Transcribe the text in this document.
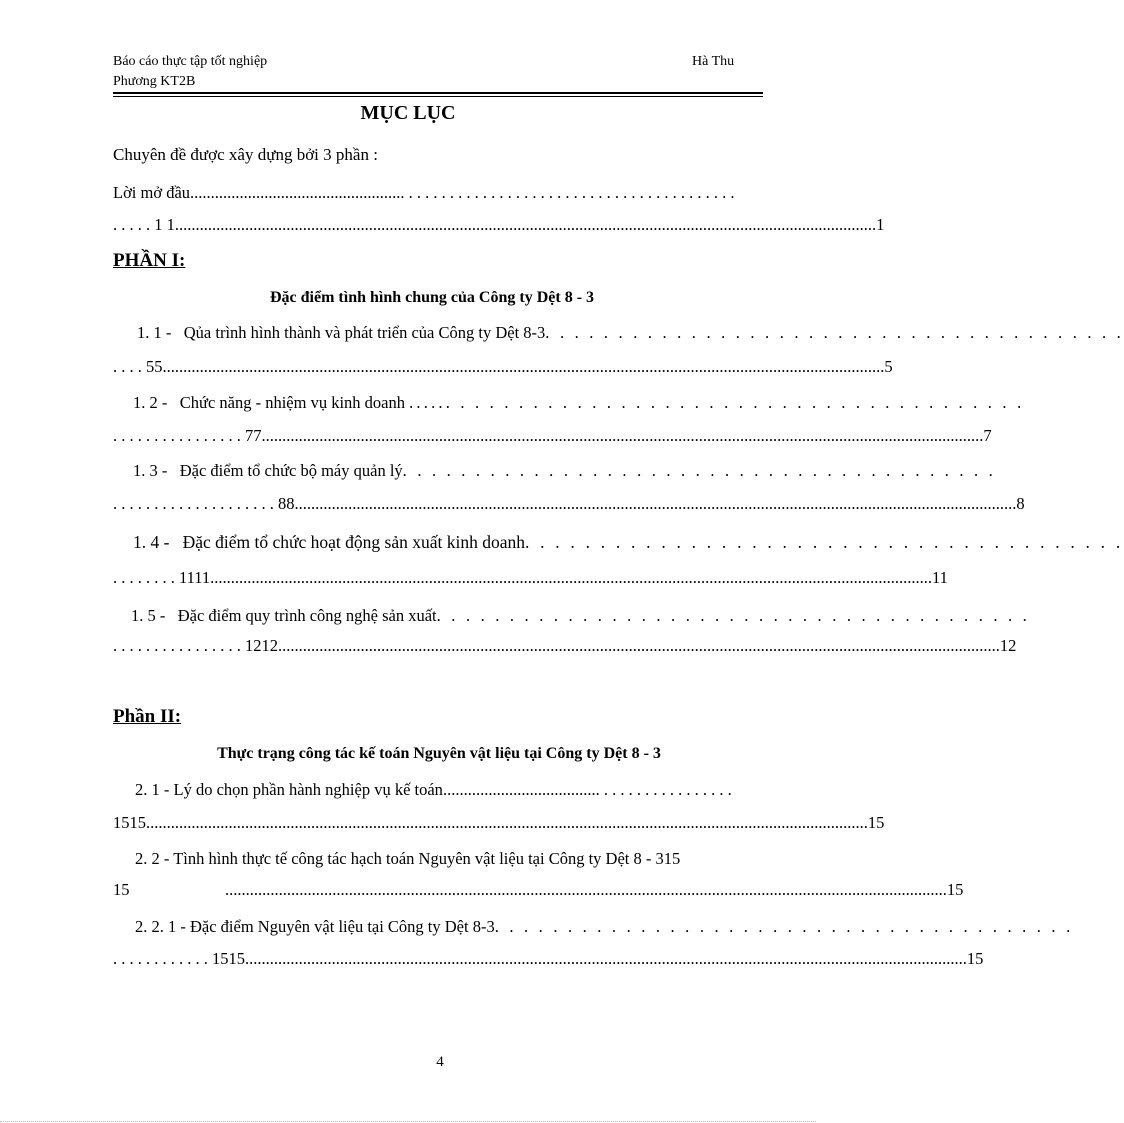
Báo cáo thực tập tốt nghiệp
Phương KT2B
Hà Thu
MỤC LỤC
Chuyên đề được xây dựng bởi 3 phần :
Lời mở đầu .................................................... . . . . . . . . . . . . . . . . . . . . . . . . . . . . . . . . . . . . . . . .
. . . . . 1 1 .......................................................................................................................................................................... 1
PHẦN I:
Đặc điểm tình hình chung của Công ty Dệt 8 - 3
1. 1 -   Qủa trình hình thành và phát triển của Công ty Dệt 8-3 . . . . . . . . . . . . . . . . . . . . . . . . . . . . . . . . . . . . . . . .
. . . . 55 ............................................................................................................................................................................... 5
1. 2 -   Chức năng - nhiệm vụ kinh doanh ...... . . . . . . . . . . . . . . . . . . . . . . . . . . . . . . . . . . . . . . .
. . . . . . . . . . . . . . . . 77 ............................................................................................................................................................................... 7
1. 3 -   Đặc điểm tổ chức bộ máy quản lý . . . . . . . . . . . . . . . . . . . . . . . . . . . . . . . . . . . . . . . . .
. . . . . . . . . . . . . . . . . . . . 88 ............................................................................................................................................................................... 8
1. 4 -   Đặc điểm tổ chức hoạt động sản xuất kinh doanh . . . . . . . . . . . . . . . . . . . . . . . . . . . . . . . . . . . . . . . .
. . . . . . . . 1111 ............................................................................................................................................................................... 11
1. 5 -   Đặc điểm quy trình công nghệ sản xuất . . . . . . . . . . . . . . . . . . . . . . . . . . . . . . . . . . . . . . . . .
. . . . . . . . . . . . . . . . 1212 ............................................................................................................................................................................... 12
Phần II:
Thực trạng công tác kế toán Nguyên vật liệu tại Công ty Dệt 8 - 3
2. 1 - Lý do chọn phần hành nghiệp vụ kế toán ...................................... . . . . . . . . . . . . . . . .
1515 ............................................................................................................................................................................... 15
2. 2 - Tình hình thực tế công tác hạch toán Nguyên vật liệu tại Công ty Dệt 8 - 315
15	............................................................................................................................................................................... 15
2. 2. 1 - Đặc điểm Nguyên vật liệu tại Công ty Dệt 8-3 . . . . . . . . . . . . . . . . . . . . . . . . . . . . . . . . . . . . . . . .
. . . . . . . . . . . . 1515 ............................................................................................................................................................................... 15
4
